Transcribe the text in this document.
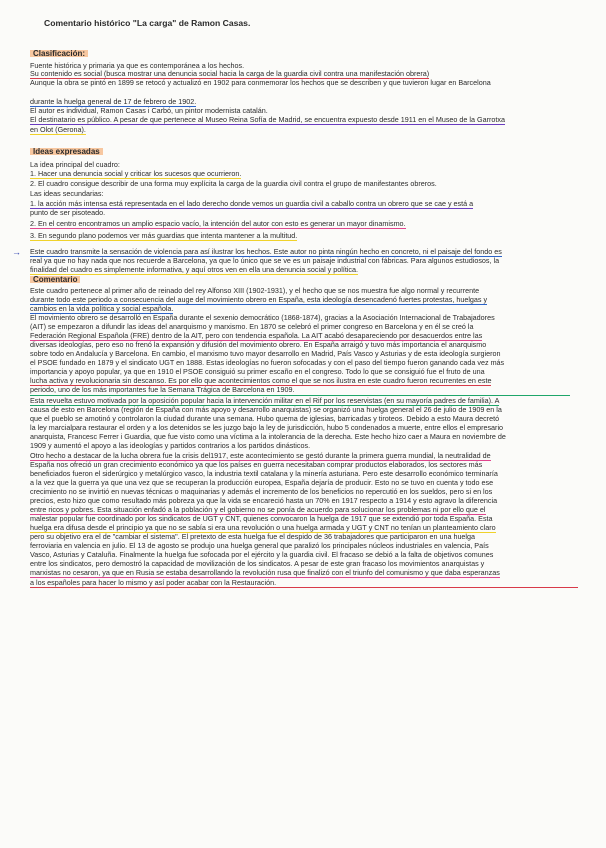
Comentario histórico "La carga" de Ramon Casas.
Clasificación:
Fuente histórica y primaria ya que es contemporánea a los hechos.
Su contenido es social (busca mostrar una denuncia social hacia la carga de la guardia civil contra una manifestación obrera)
Aunque la obra se pintó en 1899 se retocó y actualizó en 1902 para conmemorar los hechos que se describen y que tuvieron lugar en Barcelona
durante la huelga general de 17 de febrero de 1902.
El autor es individual, Ramon Casas i Carbó, un pintor modernista catalán.
El destinatario es público. A pesar de que pertenece al Museo Reina Sofía de Madrid, se encuentra expuesto desde 1911 en el Museo de la Garrotxa
en Olot (Gerona).
Ideas expresadas
La idea principal del cuadro:
1. Hacer una denuncia social y criticar los sucesos que ocurrieron.
2. El cuadro consigue describir de una forma muy explícita la carga de la guardia civil contra el grupo de manifestantes obreros.
Las ideas secundarias:
1. la acción más intensa está representada en el lado derecho donde vemos un guardia civil a caballo contra un obrero que se cae y está a
punto de ser pisoteado.
2. En el centro encontramos un amplio espacio vacío, la intención del autor con esto es generar un mayor dinamismo.
3. En segundo plano podemos ver más guardias que intenta mantener a la multitud.
→ Este cuadro transmite la sensación de violencia para así ilustrar los hechos. Este autor no pinta ningún hecho en concreto, ni el paisaje del fondo es
real ya que no hay nada que nos recuerde a Barcelona, ya que lo único que se ve es un paisaje industrial con fábricas. Para algunos estudiosos, la
finalidad del cuadro es simplemente informativa, y aquí otros ven en ella una denuncia social y política.
Comentario
Este cuadro pertenece al primer año de reinado del rey Alfonso XIII (1902-1931), y el hecho que se nos muestra fue algo normal y recurrente
durante todo este periodo a consecuencia del auge del movimiento obrero en España, esta ideología desencadenó fuertes protestas, huelgas y
cambios en la vida política y social española.
El movimiento obrero se desarrolló en España durante el sexenio democrático (1868-1874), gracias a la Asociación Internacional de Trabajadores
(AIT) se empezaron a difundir las ideas del anarquismo y marxismo. En 1870 se celebró el primer congreso en Barcelona y en él se creó la
Federación Regional Española (FRE) dentro de la AIT, pero con tendencia española. La AIT acabó desapareciendo por desacuerdos entre las
diversas ideologías, pero eso no frenó la expansión y difusión del movimiento obrero. En España arraigó y tuvo más importancia el anarquismo
sobre todo en Andalucía y Barcelona. En cambio, el marxismo tuvo mayor desarrollo en Madrid, País Vasco y Asturias y de esta ideología surgieron
el PSOE fundado en 1879 y el sindicato UGT en 1888. Estas ideologías no fueron sofocadas y con el paso del tiempo fueron ganando cada vez más
importancia y apoyo popular, ya que en 1910 el PSOE consiguió su primer escaño en el congreso. Todo lo que se consiguió fue el fruto de una
lucha activa y revolucionaria sin descanso. Es por ello que acontecimientos como el que se nos ilustra en este cuadro fueron recurrentes en este
periodo, uno de los más importantes fue la Semana Trágica de Barcelona en 1909.
Esta revuelta estuvo motivada por la oposición popular hacia la intervención militar en el Rif por los reservistas (en su mayoría padres de familia). A
causa de esto en Barcelona (región de España con más apoyo y desarrollo anarquistas) se organizó una huelga general el 26 de julio de 1909 en la
que el pueblo se amotinó y controlaron la ciudad durante una semana. Hubo quema de iglesias, barricadas y tiroteos. Debido a esto Maura decretó
la ley marcialpara restaurar el orden y a los detenidos se les juzgo bajo la ley de jurisdicción, hubo 5 condenados a muerte, entre ellos el empresario
anarquista, Francesc Ferrer i Guardia, que fue visto como una víctima a la intolerancia de la derecha. Este hecho hizo caer a Maura en noviembre de
1909 y aumentó el apoyo a las ideologías y partidos contrarios a los partidos dinásticos.
Otro hecho a destacar de la lucha obrera fue la crisis del1917, este acontecimiento se gestó durante la primera guerra mundial, la neutralidad de
España nos ofreció un gran crecimiento económico ya que los países en guerra necesitaban comprar productos elaborados, los sectores más
beneficiados fueron el siderúrgico y metalúrgico vasco, la industria textil catalana y la minería asturiana. Pero este desarrollo económico terminaría
a la vez que la guerra ya que una vez que se recuperan la producción europea, España dejaría de producir. Esto no se tuvo en cuenta y todo ese
crecimiento no se invirtió en nuevas técnicas o maquinarias y además el incremento de los beneficios no repercutió en los sueldos, pero si en los
precios, esto hizo que como resultado más pobreza ya que la vida se encareció hasta un 70% en 1917 respecto a 1914 y esto agravo la diferencia
entre ricos y pobres. Esta situación enfadó a la población y el gobierno no se ponía de acuerdo para solucionar los problemas ni por ello que el
malestar popular fue coordinado por los sindicatos de UGT y CNT, quienes convocaron la huelga de 1917 que se extendió por toda España. Esta
huelga era difusa desde el principio ya que no se sabía si era una revolución o una huelga armada y UGT y CNT no tenían un planteamiento claro
pero su objetivo era el de "cambiar el sistema". El pretexto de esta huelga fue el despido de 36 trabajadores que participaron en una huelga
ferroviaria en valencia en julio. El 13 de agosto se produjo una huelga general que paralizó los principales núcleos industriales en valencia, País
Vasco, Asturias y Cataluña. Finalmente la huelga fue sofocada por el ejército y la guardia civil. El fracaso se debió a la falta de objetivos comunes
entre los sindicatos, pero demostró la capacidad de movilización de los sindicatos. A pesar de este gran fracaso los movimientos anarquistas y
marxistas no cesaron, ya que en Rusia se estaba desarrollando la revolución rusa que finalizó con el triunfo del comunismo y que daba esperanzas
a los españoles para hacer lo mismo y así poder acabar con la Restauración.
